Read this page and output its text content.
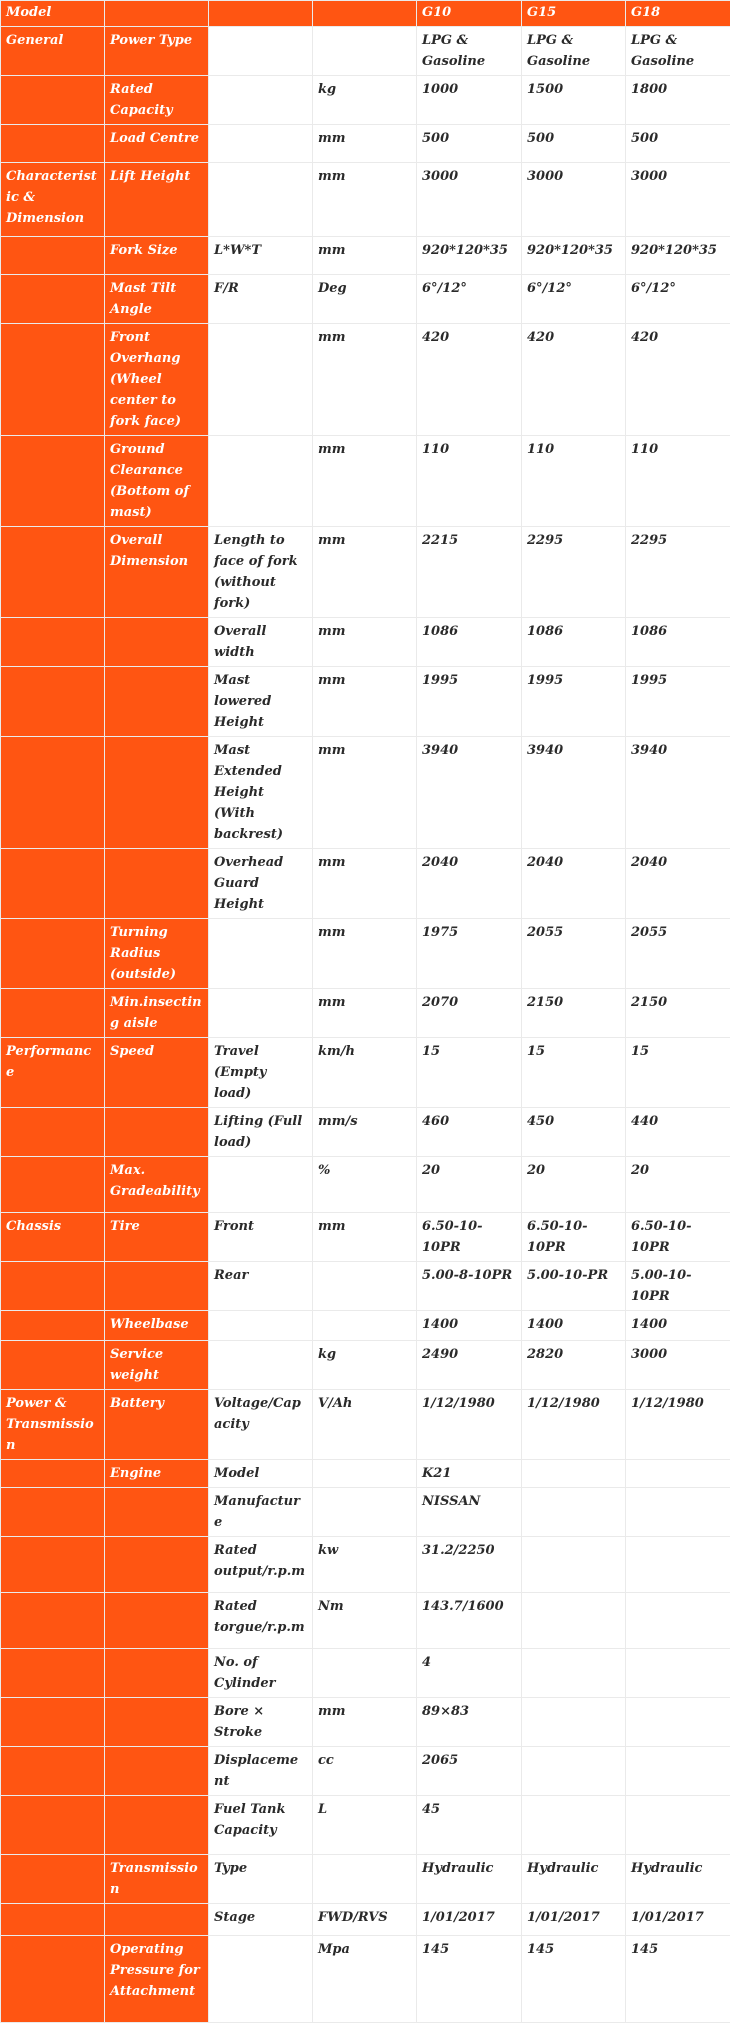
Model				G10	G15	G18
General	Power Type			LPG & Gasoline	LPG & Gasoline	LPG & Gasoline
	Rated Capacity		kg	1000	1500	1800
	Load Centre		mm	500	500	500
Characteristic & Dimension	Lift Height		mm	3000	3000	3000
	Fork Size	L*W*T	mm	920*120*35	920*120*35	920*120*35
	Mast Tilt Angle	F/R	Deg	6°/12°	6°/12°	6°/12°
	Front Overhang (Wheel center to fork face)		mm	420	420	420
	Ground Clearance (Bottom of mast)		mm	110	110	110
	Overall Dimension	Length to face of fork (without fork)	mm	2215	2295	2295
		Overall width	mm	1086	1086	1086
		Mast lowered Height	mm	1995	1995	1995
		Mast Extended Height (With backrest)	mm	3940	3940	3940
		Overhead Guard Height	mm	2040	2040	2040
	Turning Radius (outside)		mm	1975	2055	2055
	Min.insecting aisle		mm	2070	2150	2150
Performance	Speed	Travel (Empty load)	km/h	15	15	15
		Lifting (Full load)	mm/s	460	450	440
	Max. Gradeability		%	20	20	20
Chassis	Tire	Front	mm	6.50-10-10PR	6.50-10-10PR	6.50-10-10PR
		Rear		5.00-8-10PR	5.00-10-PR	5.00-10-10PR
	Wheelbase			1400	1400	1400
	Service weight		kg	2490	2820	3000
Power & Transmission	Battery	Voltage/Capacity	V/Ah	1/12/1980	1/12/1980	1/12/1980
	Engine	Model		K21		
		Manufacture		NISSAN		
		Rated output/r.p.m	kw	31.2/2250		
		Rated torgue/r.p.m	Nm	143.7/1600		
		No. of Cylinder		4		
		Bore × Stroke	mm	89×83		
		Displacement	cc	2065		
		Fuel Tank Capacity	L	45		
	Transmission	Type		Hydraulic	Hydraulic	Hydraulic
		Stage	FWD/RVS	1/01/2017	1/01/2017	1/01/2017
	Operating Pressure for Attachment		Mpa	145	145	145
